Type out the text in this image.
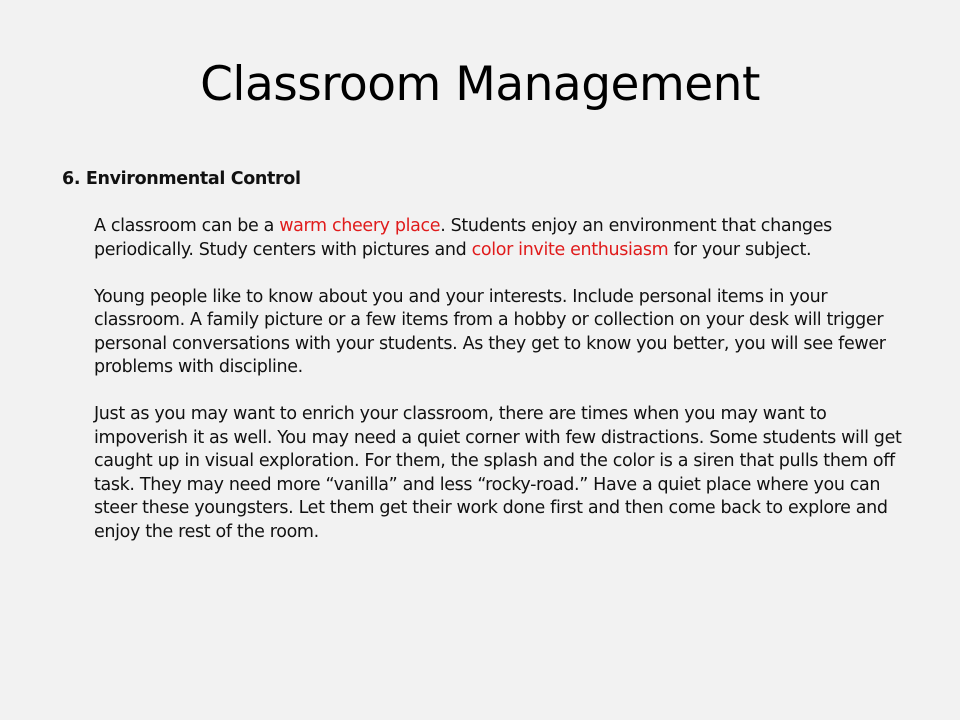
Classroom Management

6. Environmental Control

A classroom can be a warm cheery place. Students enjoy an environment that changes periodically. Study centers with pictures and color invite enthusiasm for your subject.

Young people like to know about you and your interests. Include personal items in your classroom. A family picture or a few items from a hobby or collection on your desk will trigger personal conversations with your students. As they get to know you better, you will see fewer problems with discipline.

Just as you may want to enrich your classroom, there are times when you may want to impoverish it as well. You may need a quiet corner with few distractions. Some students will get caught up in visual exploration. For them, the splash and the color is a siren that pulls them off task. They may need more “vanilla” and less “rocky-road.” Have a quiet place where you can steer these youngsters. Let them get their work done first and then come back to explore and enjoy the rest of the room.
